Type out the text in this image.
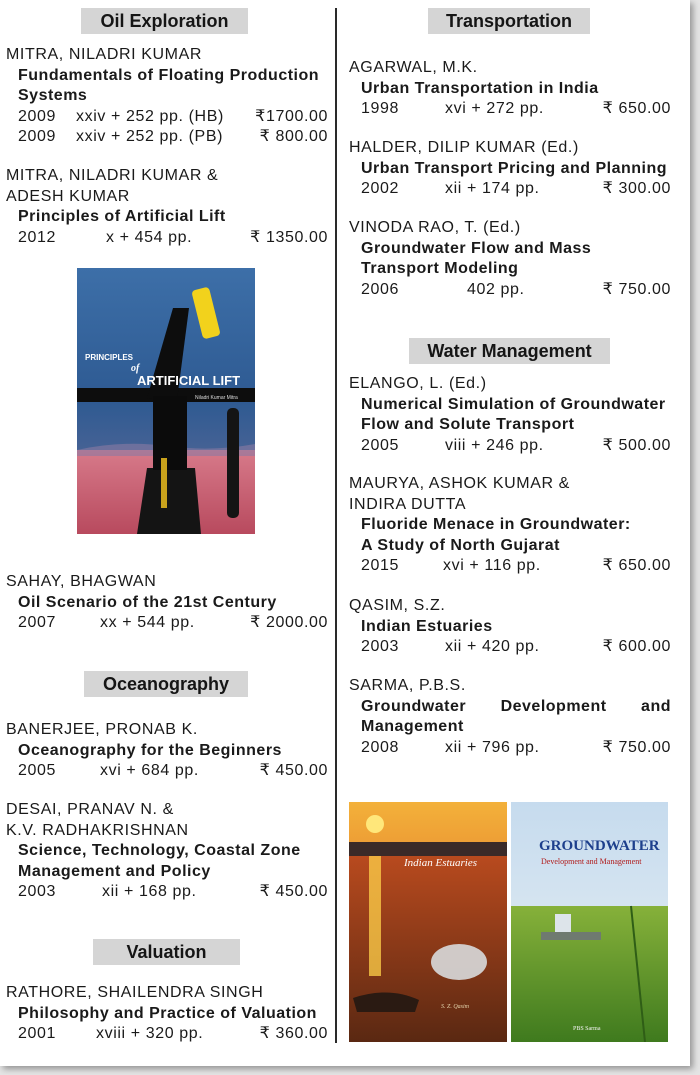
Oil Exploration
MITRA, NILADRI KUMAR
Fundamentals of Floating Production Systems
2009 xxiv + 252 pp. (HB) ₹1700.00
2009 xxiv + 252 pp. (PB) ₹ 800.00
MITRA, NILADRI KUMAR &
ADESH KUMAR
Principles of Artificial Lift
2012	x + 454 pp.	₹ 1350.00
PRINCIPLES
of
ARTIFICIAL LIFT
Niladri Kumar Mitra
SAHAY, BHAGWAN
Oil Scenario of the 21st Century
2007	xx + 544 pp.	₹ 2000.00
Oceanography
BANERJEE, PRONAB K.
Oceanography for the Beginners
2005	xvi + 684 pp.	₹ 450.00
DESAI, PRANAV N. &
K.V. RADHAKRISHNAN
Science, Technology, Coastal Zone
Management and Policy
2003	xii + 168 pp.	₹ 450.00
Valuation
RATHORE, SHAILENDRA SINGH
Philosophy and Practice of Valuation
2001	xviii + 320 pp.	₹ 360.00
Transportation
AGARWAL, M.K.
Urban Transportation in India
1998	xvi + 272 pp.	₹ 650.00
HALDER, DILIP KUMAR (Ed.)
Urban Transport Pricing and Planning
2002	xii + 174 pp.	₹ 300.00
VINODA RAO, T. (Ed.)
Groundwater Flow and Mass
Transport Modeling
2006	402 pp.	₹ 750.00
Water Management
ELANGO, L. (Ed.)
Numerical Simulation of Groundwater
Flow and Solute Transport
2005	viii + 246 pp.	₹ 500.00
MAURYA, ASHOK KUMAR &
INDIRA DUTTA
Fluoride Menace in Groundwater:
A Study of North Gujarat
2015	xvi + 116 pp.	₹ 650.00
QASIM, S.Z.
Indian Estuaries
2003	xii + 420 pp.	₹ 600.00
SARMA, P.B.S.
Groundwater Development and
Management
2008	xii + 796 pp.	₹ 750.00
Indian Estuaries
S. Z. Qasim
GROUNDWATER
Development and Management
PBS Sarma
